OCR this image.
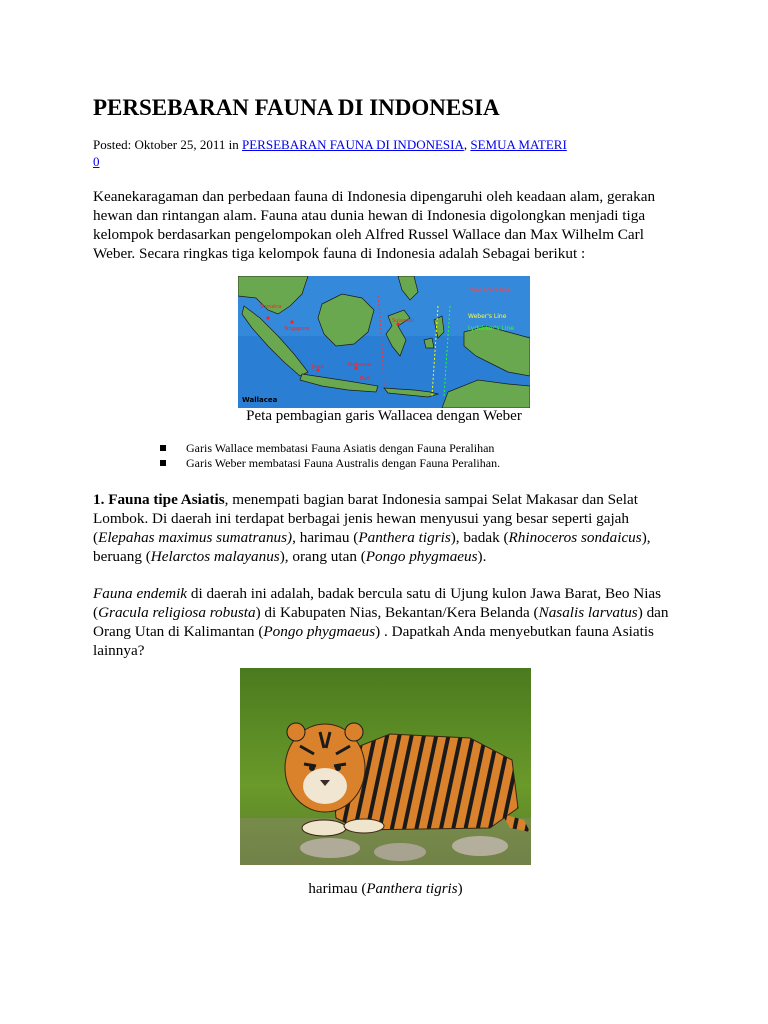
PERSEBARAN FAUNA DI INDONESIA
Posted: Oktober 25, 2011 in PERSEBARAN FAUNA DI INDONESIA, SEMUA MATERI
0
Keanekaragaman dan perbedaan fauna di Indonesia dipengaruhi oleh keadaan alam, gerakan hewan dan rintangan alam. Fauna atau dunia hewan di Indonesia digolongkan menjadi tiga kelompok berdasarkan pengelompokan oleh Alfred Russel Wallace dan Max Wilhelm Carl Weber. Secara ringkas tiga kelompok fauna di Indonesia adalah Sebagai berikut :
Wallace's line
Weber's Line
Lydekker's Line
Sumatra
Singapore
Jawa
Bali
Makassar
Sulawesi
Wallacea
Peta pembagian garis Wallacea dengan Weber
Garis Wallace membatasi Fauna Asiatis dengan Fauna Peralihan
Garis Weber membatasi Fauna Australis dengan Fauna Peralihan.
1. Fauna tipe Asiatis, menempati bagian barat Indonesia sampai Selat Makasar dan Selat Lombok. Di daerah ini terdapat berbagai jenis hewan menyusui yang besar seperti gajah (Elepahas maximus sumatranus), harimau (Panthera tigris), badak (Rhinoceros sondaicus), beruang (Helarctos malayanus), orang utan (Pongo phygmaeus).
Fauna endemik di daerah ini adalah, badak bercula satu di Ujung kulon Jawa Barat, Beo Nias (Gracula religiosa robusta) di Kabupaten Nias, Bekantan/Kera Belanda (Nasalis larvatus) dan Orang Utan di Kalimantan (Pongo phygmaeus) . Dapatkah Anda menyebutkan fauna Asiatis lainnya?
harimau (Panthera tigris)
